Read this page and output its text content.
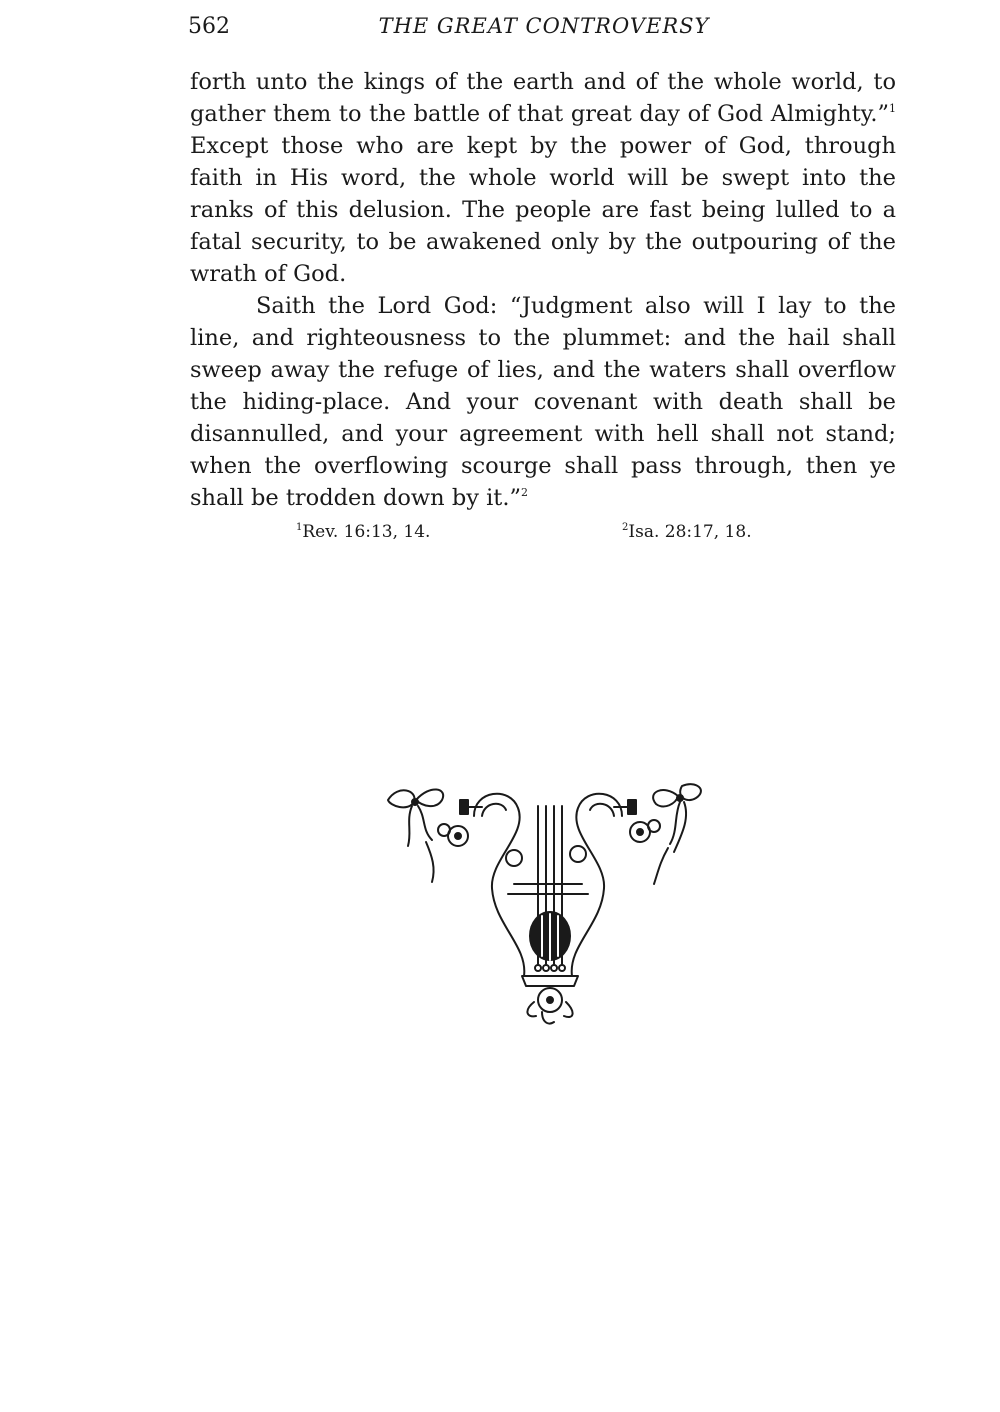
562	THE GREAT CONTROVERSY

forth unto the kings of the earth and of the whole world, to gather them to the battle of that great day of God Almighty.”$^1$ Except those who are kept by the power of God, through faith in His word, the whole world will be swept into the ranks of this delusion. The people are fast being lulled to a fatal security, to be awakened only by the outpouring of the wrath of God.

Saith the Lord God: “Judgment also will I lay to the line, and righteousness to the plummet: and the hail shall sweep away the refuge of lies, and the waters shall overflow the hiding-place. And your covenant with death shall be disannulled, and your agreement with hell shall not stand; when the overflowing scourge shall pass through, then ye shall be trodden down by it.”$^2$

$^1$Rev. 16:13, 14.	$^2$Isa. 28:17, 18.
